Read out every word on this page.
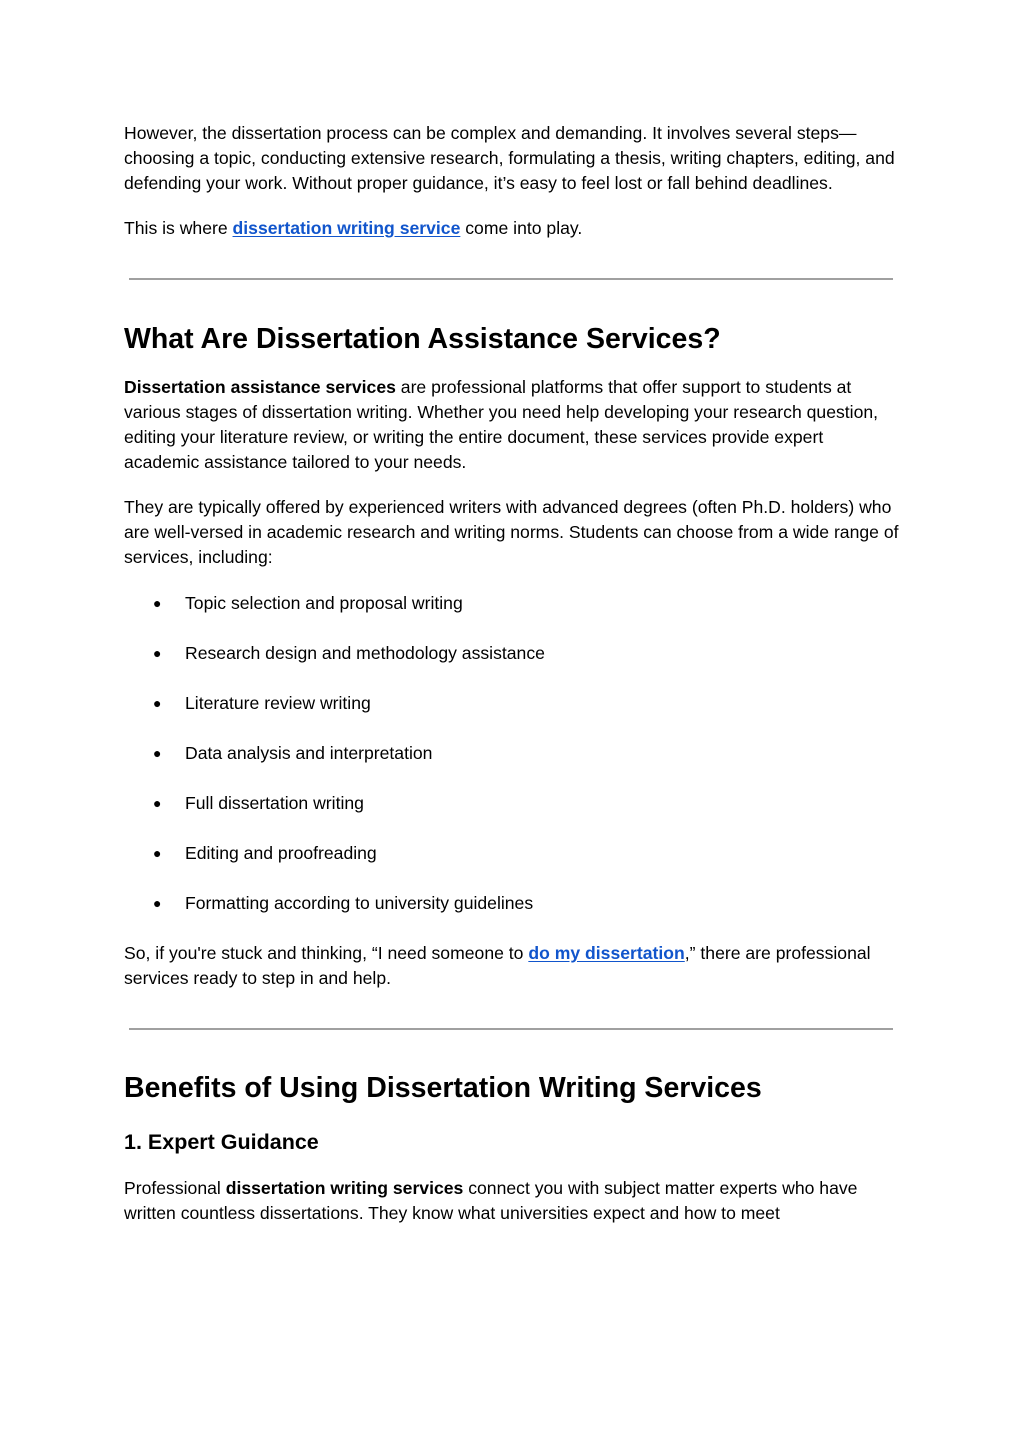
However, the dissertation process can be complex and demanding. It involves several steps—choosing a topic, conducting extensive research, formulating a thesis, writing chapters, editing, and defending your work. Without proper guidance, it’s easy to feel lost or fall behind deadlines.

This is where dissertation writing service come into play.

What Are Dissertation Assistance Services?

Dissertation assistance services are professional platforms that offer support to students at various stages of dissertation writing. Whether you need help developing your research question, editing your literature review, or writing the entire document, these services provide expert academic assistance tailored to your needs.

They are typically offered by experienced writers with advanced degrees (often Ph.D. holders) who are well-versed in academic research and writing norms. Students can choose from a wide range of services, including:

● Topic selection and proposal writing
● Research design and methodology assistance
● Literature review writing
● Data analysis and interpretation
● Full dissertation writing
● Editing and proofreading
● Formatting according to university guidelines

So, if you're stuck and thinking, “I need someone to do my dissertation,” there are professional services ready to step in and help.

Benefits of Using Dissertation Writing Services
1. Expert Guidance

Professional dissertation writing services connect you with subject matter experts who have written countless dissertations. They know what universities expect and how to meet
